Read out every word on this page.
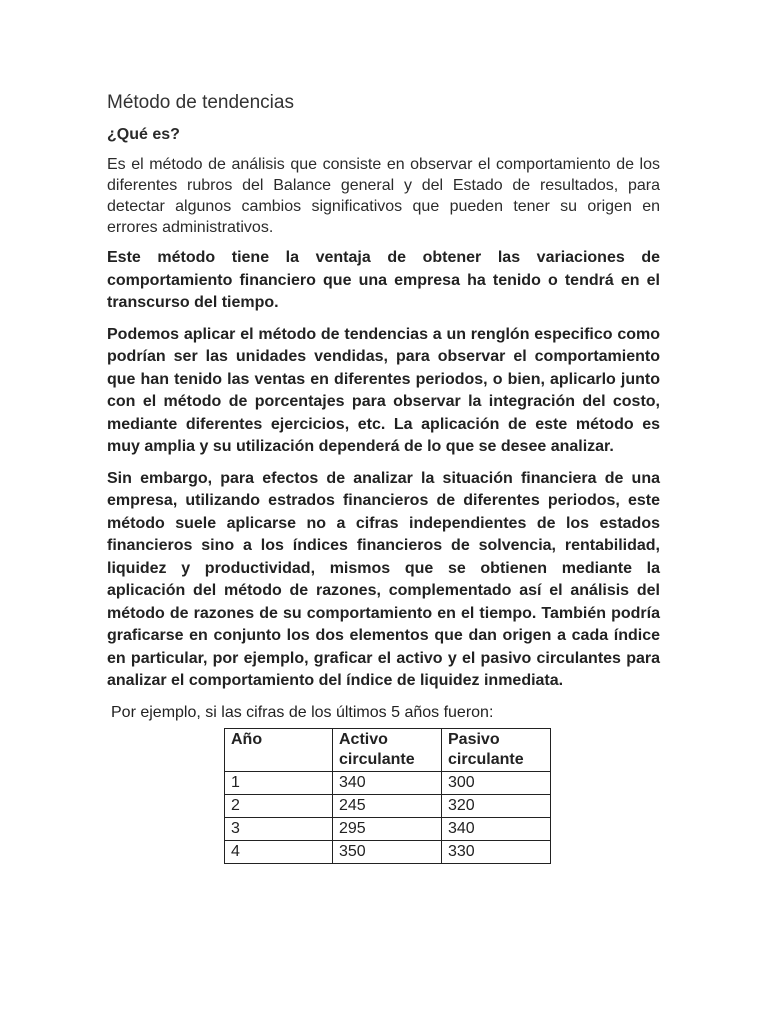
Método de tendencias
¿Qué es?

Es el método de análisis que consiste en observar el comportamiento de los diferentes rubros del Balance general y del Estado de resultados, para detectar algunos cambios significativos que pueden tener su origen en errores administrativos.

Este método tiene la ventaja de obtener las variaciones de comportamiento financiero que una empresa ha tenido o tendrá en el transcurso del tiempo.

Podemos aplicar el método de tendencias a un renglón especifico como podrían ser las unidades vendidas, para observar el comportamiento que han tenido las ventas en diferentes periodos, o bien, aplicarlo junto con el método de porcentajes para observar la integración del costo, mediante diferentes ejercicios, etc. La aplicación de este método es muy amplia y su utilización dependerá de lo que se desee analizar.

Sin embargo, para efectos de analizar la situación financiera de una empresa, utilizando estrados financieros de diferentes periodos, este método suele aplicarse no a cifras independientes de los estados financieros sino a los índices financieros de solvencia, rentabilidad, liquidez y productividad, mismos que se obtienen mediante la aplicación del método de razones, complementado así el análisis del método de razones de su comportamiento en el tiempo. También podría graficarse en conjunto los dos elementos que dan origen a cada índice en particular, por ejemplo, graficar el activo y el pasivo circulantes para analizar el comportamiento del índice de liquidez inmediata.

Por ejemplo, si las cifras de los últimos 5 años fueron:
Año	Activo circulante	Pasivo circulante
1	340	300
2	245	320
3	295	340
4	350	330
